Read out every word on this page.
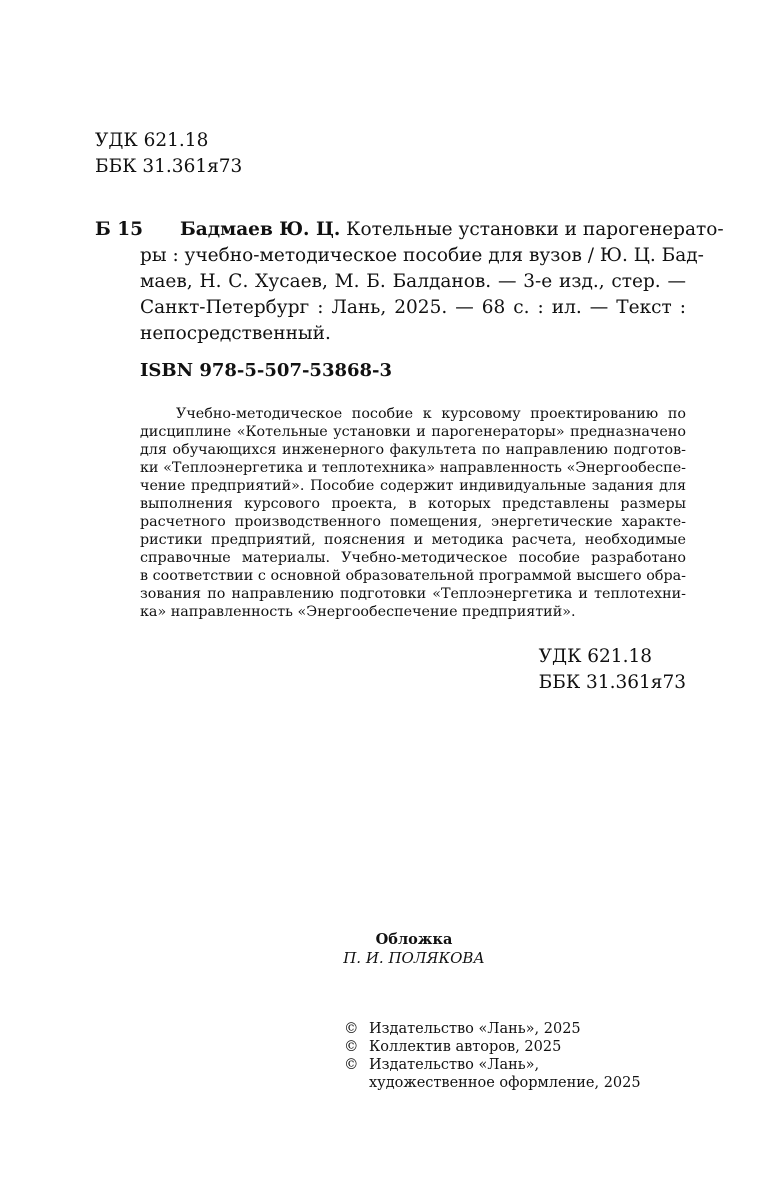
УДК 621.18
ББК 31.361я73
Б 15	Бадмаев Ю. Ц. Котельные установки и парогенерато-
ры : учебно-методическое пособие для вузов / Ю. Ц. Бад-
маев, Н. С. Хусаев, М. Б. Балданов. — 3-е изд., стер. —
Санкт-Петербург : Лань, 2025. — 68 с. : ил. — Текст :
непосредственный.
ISBN 978-5-507-53868-3
Учебно-методическое пособие к курсовому проектированию по
дисциплине «Котельные установки и парогенераторы» предназначено
для обучающихся инженерного факультета по направлению подготов-
ки «Теплоэнергетика и теплотехника» направленность «Энергообеспе-
чение предприятий». Пособие содержит индивидуальные задания для
выполнения курсового проекта, в которых представлены размеры
расчетного производственного помещения, энергетические характе-
ристики предприятий, пояснения и методика расчета, необходимые
справочные материалы. Учебно-методическое пособие разработано
в соответствии с основной образовательной программой высшего обра-
зования по направлению подготовки «Теплоэнергетика и теплотехни-
ка» направленность «Энергообеспечение предприятий».
УДК 621.18
ББК 31.361я73
Обложка
П. И. ПОЛЯКОВА
© Издательство «Лань», 2025
© Коллектив авторов, 2025
© Издательство «Лань»,
художественное оформление, 2025
